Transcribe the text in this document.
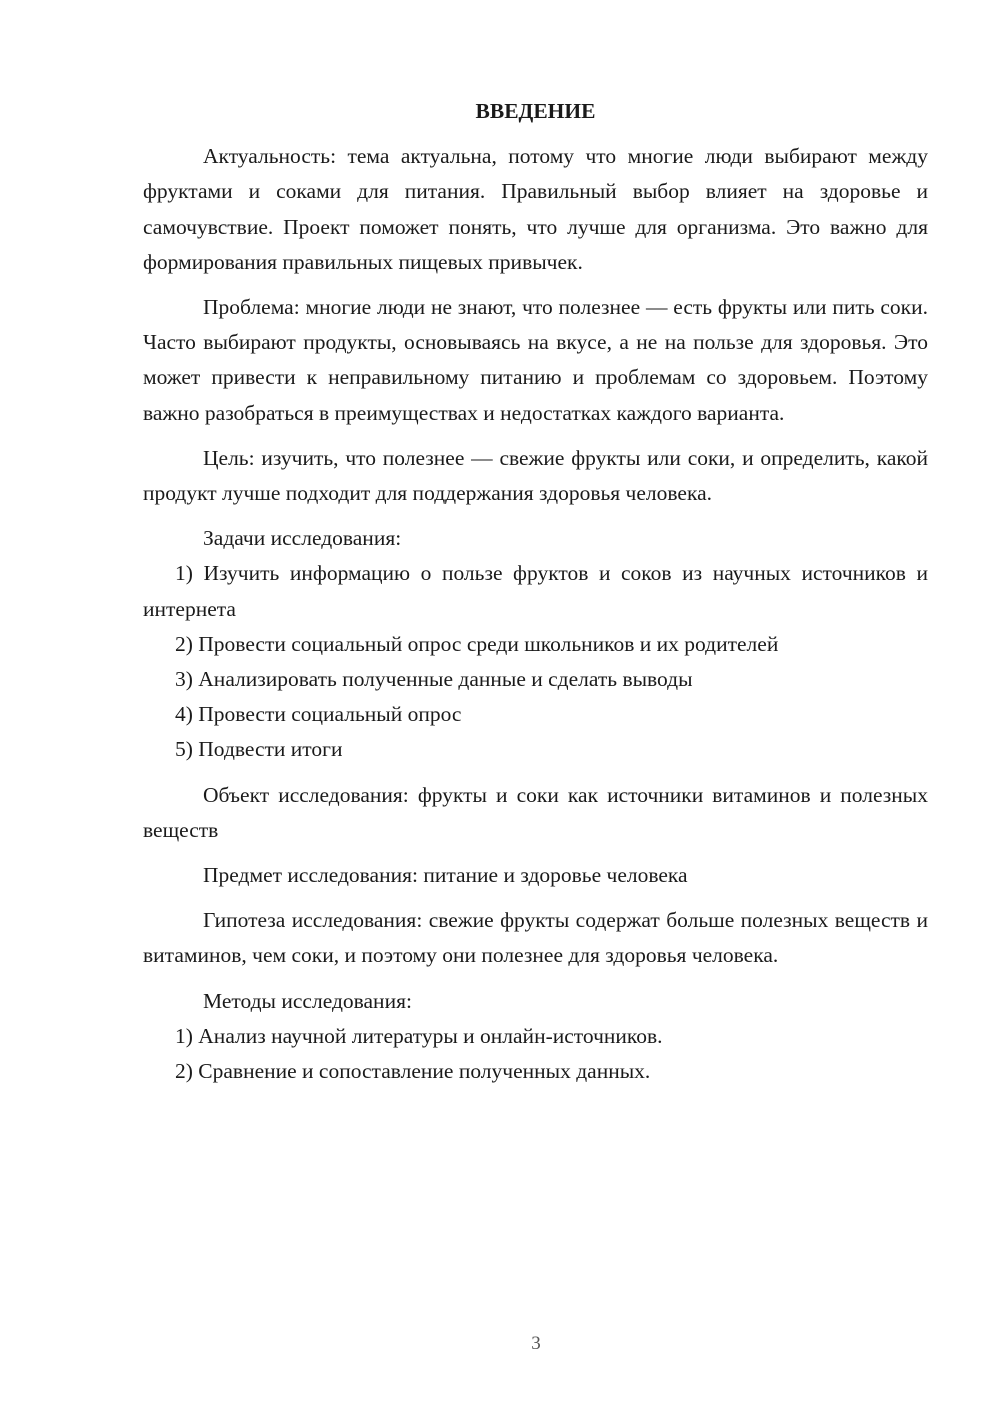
ВВЕДЕНИЕ

Актуальность: тема актуальна, потому что многие люди выбирают между фруктами и соками для питания. Правильный выбор влияет на здоровье и самочувствие. Проект поможет понять, что лучше для организма. Это важно для формирования правильных пищевых привычек.

Проблема: многие люди не знают, что полезнее — есть фрукты или пить соки. Часто выбирают продукты, основываясь на вкусе, а не на пользе для здоровья. Это может привести к неправильному питанию и проблемам со здоровьем. Поэтому важно разобраться в преимуществах и недостатках каждого варианта.

Цель: изучить, что полезнее — свежие фрукты или соки, и определить, какой продукт лучше подходит для поддержания здоровья человека.

Задачи исследования:

1) Изучить информацию о пользе фруктов и соков из научных источников и интернета

2) Провести социальный опрос среди школьников и их родителей

3) Анализировать полученные данные и сделать выводы

4) Провести социальный опрос

5) Подвести итоги

Объект исследования: фрукты и соки как источники витаминов и полезных веществ

Предмет исследования: питание и здоровье человека

Гипотеза исследования: свежие фрукты содержат больше полезных веществ и витаминов, чем соки, и поэтому они полезнее для здоровья человека.

Методы исследования:

1) Анализ научной литературы и онлайн-источников.

2) Сравнение и сопоставление полученных данных.

3
